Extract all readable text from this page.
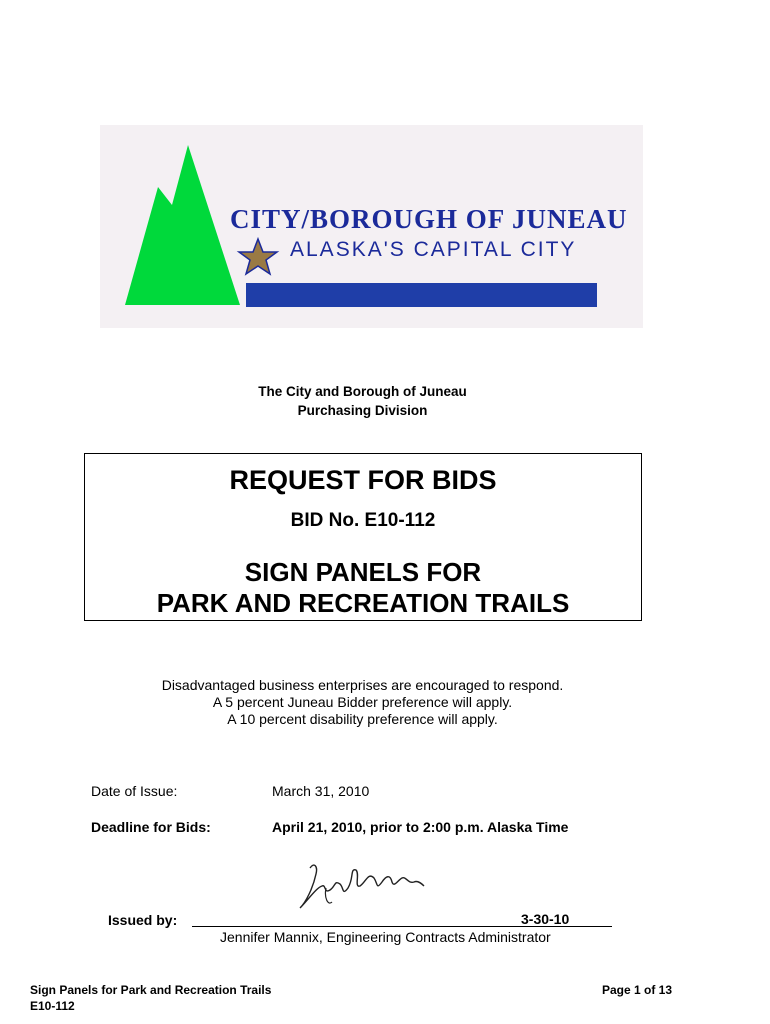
CITY/BOROUGH OF JUNEAU
ALASKA'S CAPITAL CITY
The City and Borough of Juneau
Purchasing Division
REQUEST FOR BIDS
BID No. E10-112
SIGN PANELS FOR
PARK AND RECREATION TRAILS
Disadvantaged business enterprises are encouraged to respond.
A 5 percent Juneau Bidder preference will apply.
A 10 percent disability preference will apply.
Date of Issue:	March 31, 2010
Deadline for Bids:	April 21, 2010, prior to 2:00 p.m. Alaska Time
Issued by:	3-30-10
Jennifer Mannix, Engineering Contracts Administrator
Sign Panels for Park and Recreation Trails
E10-112
Page 1 of 13
